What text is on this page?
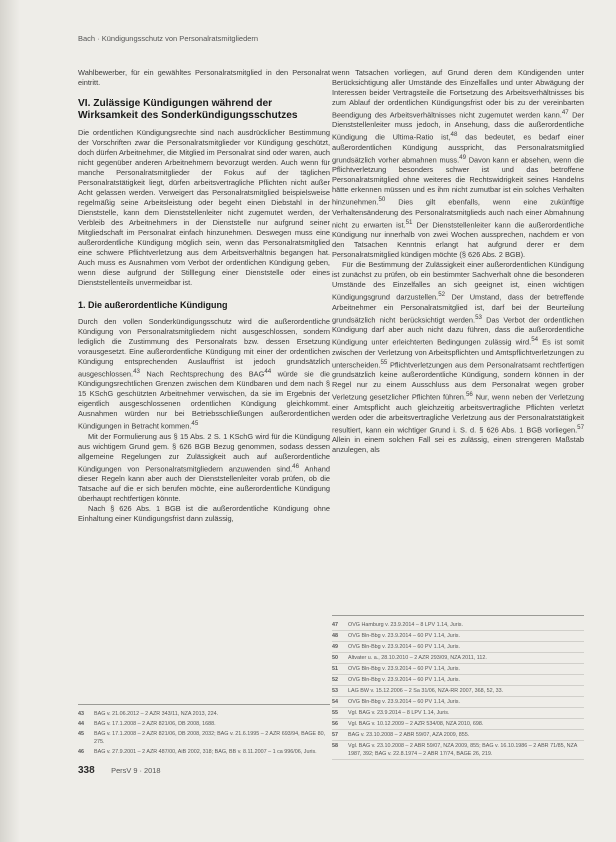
Bach · Kündigungsschutz von Personalratsmitgliedern

Wahlbewerber, für ein gewähltes Personalratsmitglied in den Personalrat eintritt.

VI. Zulässige Kündigungen während der Wirksamkeit des Sonderkündigungsschutzes

Die ordentlichen Kündigungsrechte sind nach ausdrücklicher Bestimmung der Vorschriften zwar die Personalratsmitglieder vor Kündigung geschützt, doch dürfen Arbeitnehmer, die Mitglied im Personalrat sind oder waren, auch nicht gegenüber anderen Arbeitnehmern bevorzugt werden. Auch wenn für manche Personalratsmitglieder der Fokus auf der täglichen Personalratstätigkeit liegt, dürfen arbeitsvertragliche Pflichten nicht außer Acht gelassen werden. Verweigert das Personalratsmitglied beispielsweise regelmäßig seine Arbeitsleistung oder begeht einen Diebstahl in der Dienststelle, kann dem Dienststellenleiter nicht zugemutet werden, der Verbleib des Arbeitnehmers in der Dienststelle nur aufgrund seiner Mitgliedschaft im Personalrat einfach hinzunehmen. Deswegen muss eine außerordentliche Kündigung möglich sein, wenn das Personalratsmitglied eine schwere Pflichtverletzung aus dem Arbeitsverhältnis begangen hat. Auch muss es Ausnahmen vom Verbot der ordentlichen Kündigung geben, wenn diese aufgrund der Stilllegung einer Dienststelle oder eines Dienststellenteils unvermeidbar ist.

1. Die außerordentliche Kündigung

Durch den vollen Sonderkündigungsschutz wird die außerordentliche Kündigung von Personalratsmitgliedern nicht ausgeschlossen, sondern lediglich die Zustimmung des Personalrats bzw. dessen Ersetzung vorausgesetzt. Eine außerordentliche Kündigung mit einer der ordentlichen Kündigung entsprechenden Auslauffrist ist jedoch grundsätzlich ausgeschlossen.$^{43}$ Nach Rechtsprechung des BAG$^{44}$ würde sie die Kündigungsrechtlichen Grenzen zwischen dem Kündbaren und dem nach § 15 KSchG geschützten Arbeitnehmer verwischen, da sie im Ergebnis der eigentlich ausgeschlossenen ordentlichen Kündigung gleichkommt. Ausnahmen würden nur bei Betriebsschließungen außerordentlichen Kündigungen in Betracht kommen.$^{45}$

Mit der Formulierung aus § 15 Abs. 2 S. 1 KSchG wird für die Kündigung aus wichtigem Grund gem. § 626 BGB Bezug genommen, sodass dessen allgemeine Regelungen zur Zulässigkeit auch auf außerordentliche Kündigungen von Personalratsmitgliedern anzuwenden sind.$^{46}$ Anhand dieser Regeln kann aber auch der Dienststellenleiter vorab prüfen, ob die Tatsache auf die er sich berufen möchte, eine außerordentliche Kündigung überhaupt rechtfertigen könnte.

Nach § 626 Abs. 1 BGB ist die außerordentliche Kündigung ohne Einhaltung einer Kündigungsfrist dann zulässig,

wenn Tatsachen vorliegen, auf Grund deren dem Kündigenden unter Berücksichtigung aller Umstände des Einzelfalles und unter Abwägung der Interessen beider Vertragsteile die Fortsetzung des Arbeitsverhältnisses bis zum Ablauf der ordentlichen Kündigungsfrist oder bis zu der vereinbarten Beendigung des Arbeitsverhältnisses nicht zugemutet werden kann.$^{47}$ Der Dienststellenleiter muss jedoch, in Ansehung, dass die außerordentliche Kündigung die Ultima-Ratio ist,$^{48}$ das bedeutet, es bedarf einer außerordentlichen Kündigung ausspricht, das Personalratsmitglied grundsätzlich vorher abmahnen muss.$^{49}$ Davon kann er absehen, wenn die Pflichtverletzung besonders schwer ist und das betroffene Personalratsmitglied ohne weiteres die Rechtswidrigkeit seines Handelns hätte erkennen müssen und es ihm nicht zumutbar ist ein solches Verhalten hinzunehmen.$^{50}$ Dies gilt ebenfalls, wenn eine zukünftige Verhaltensänderung des Personalratsmitglieds auch nach einer Abmahnung nicht zu erwarten ist.$^{51}$ Der Dienststellenleiter kann die außerordentliche Kündigung nur innerhalb von zwei Wochen aussprechen, nachdem er von den Tatsachen Kenntnis erlangt hat aufgrund derer er dem Personalratsmitglied kündigen möchte (§ 626 Abs. 2 BGB).

Für die Bestimmung der Zulässigkeit einer außerordentlichen Kündigung ist zunächst zu prüfen, ob ein bestimmter Sachverhalt ohne die besonderen Umstände des Einzelfalles an sich geeignet ist, einen wichtigen Kündigungsgrund darzustellen.$^{52}$ Der Umstand, dass der betreffende Arbeitnehmer ein Personalratsmitglied ist, darf bei der Beurteilung grundsätzlich nicht berücksichtigt werden.$^{53}$ Das Verbot der ordentlichen Kündigung darf aber auch nicht dazu führen, dass die außerordentliche Kündigung unter erleichterten Bedingungen zulässig wird.$^{54}$ Es ist somit zwischen der Verletzung von Arbeitspflichten und Amtspflichtverletzungen zu unterscheiden.$^{55}$ Pflichtverletzungen aus dem Personalratsamt rechtfertigen grundsätzlich keine außerordentliche Kündigung, sondern können in der Regel nur zu einem Ausschluss aus dem Personalrat wegen grober Verletzung gesetzlicher Pflichten führen.$^{56}$ Nur, wenn neben der Verletzung einer Amtspflicht auch gleichzeitig arbeitsvertragliche Pflichten verletzt werden oder die arbeitsvertragliche Verletzung aus der Personalratstätigkeit resultiert, kann ein wichtiger Grund i. S. d. § 626 Abs. 1 BGB vorliegen.$^{57}$ Allein in einem solchen Fall sei es zulässig, einen strengeren Maßstab anzulegen, als

43	BAG v. 21.06.2012 – 2 AZR 343/11, NZA 2013, 224.
44	BAG v. 17.1.2008 – 2 AZR 821/06, DB 2008, 1688.
45	BAG v. 17.1.2008 – 2 AZR 821/06, DB 2008, 2032; BAG v. 21.6.1995 – 2 AZR 693/94, BAGE 80, 275.
46	BAG v. 27.9.2001 – 2 AZR 487/00, AiB 2002, 318; BAG, BB v. 8.11.2007 – 1 ca 996/06, Juris.
47	OVG Hamburg v. 23.9.2014 – 8 LPV 1.14, Juris.
48	OVG Bln-Bbg v. 23.9.2014 – 60 PV 1.14, Juris.
49	OVG Bln-Bbg v. 23.9.2014 – 60 PV 1.14, Juris.
50	Altvater u. a., 28.10.2010 – 2 AZR 293/09, NZA 2011, 112.
51	OVG Bln-Bbg v. 23.9.2014 – 60 PV 1.14, Juris.
52	OVG Bln-Bbg v. 23.9.2014 – 60 PV 1.14, Juris.
53	LAG BW v. 15.12.2006 – 2 Sa 31/06, NZA-RR 2007, 368, 52, 33.
54	OVG Bln-Bbg v. 23.9.2014 – 60 PV 1.14, Juris.
55	Vgl. BAG v. 23.9.2014 – 8 LPV 1.14, Juris.
56	Vgl. BAG v. 10.12.2009 – 2 AZR 534/08, NZA 2010, 698.
57	BAG v. 23.10.2008 – 2 ABR 59/07, AZA 2009, 855.
58	Vgl. BAG v. 23.10.2008 – 2 ABR 59/07, NZA 2009, 855; BAG v. 16.10.1986 – 2 ABR 71/85, NZA 1987, 392; BAG v. 22.8.1974 – 2 ABR 17/74, BAGE 26, 219.
338 PersV 9 · 2018
